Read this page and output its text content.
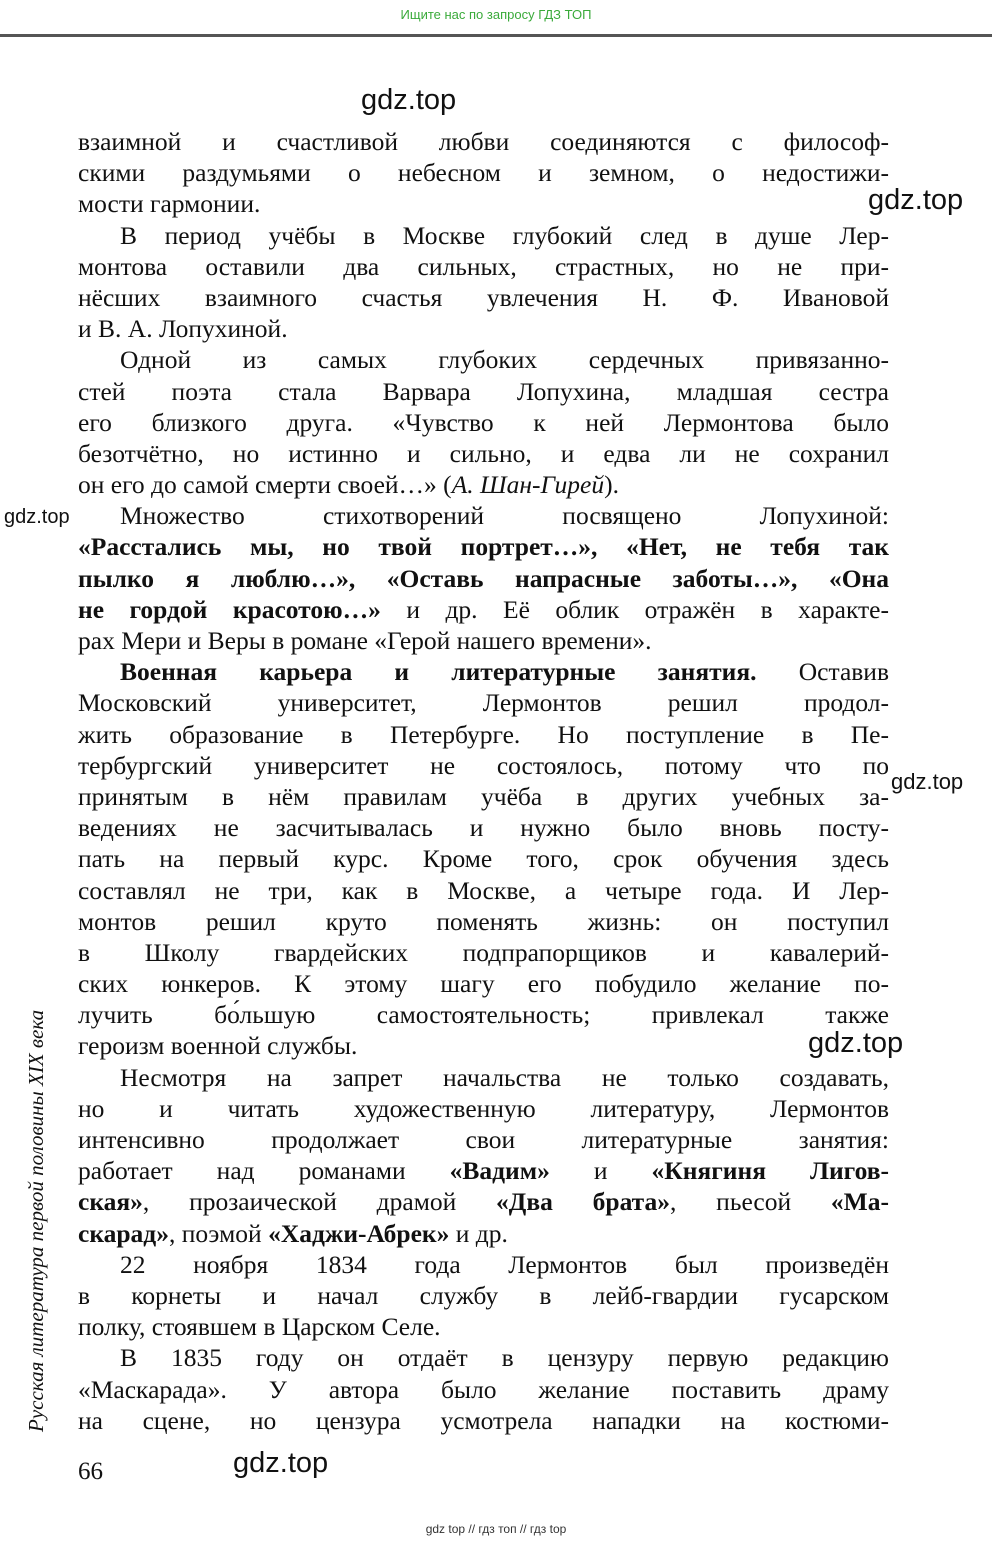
Ищите нас по запросу ГДЗ ТОП
Русская литература первой половины XIX века
взаимной и счастливой любви соединяются с философ-
скими раздумьями о небесном и земном, о недостижи-
мости гармонии.
В период учёбы в Москве глубокий след в душе Лер-
монтова оставили два сильных, страстных, но не при-
нёсших взаимного счастья увлечения Н. Ф. Ивановой
и В. А. Лопухиной.
Одной из самых глубоких сердечных привязанно-
стей поэта стала Варвара Лопухина, младшая сестра
его близкого друга. «Чувство к ней Лермонтова было
безотчётно, но истинно и сильно, и едва ли не сохранил
он его до самой смерти своей…» (А. Шан-Гирей).
Множество стихотворений посвящено Лопухиной:
«Расстались мы, но твой портрет…», «Нет, не тебя так
пылко я люблю…», «Оставь напрасные заботы…», «Она
не гордой красотою…» и др. Её облик отражён в характе-
рах Мери и Веры в романе «Герой нашего времени».
Военная карьера и литературные занятия. Оставив
Московский университет, Лермонтов решил продол-
жить образование в Петербурге. Но поступление в Пе-
тербургский университет не состоялось, потому что по
принятым в нём правилам учёба в других учебных за-
ведениях не засчитывалась и нужно было вновь посту-
пать на первый курс. Кроме того, срок обучения здесь
составлял не три, как в Москве, а четыре года. И Лер-
монтов решил круто поменять жизнь: он поступил
в Школу гвардейских подпрапорщиков и кавалерий-
ских юнкеров. К этому шагу его побудило желание по-
лучить бо́льшую самостоятельность; привлекал также
героизм военной службы.
Несмотря на запрет начальства не только создавать,
но и читать художественную литературу, Лермонтов
интенсивно продолжает свои литературные занятия:
работает над романами «Вадим» и «Княгиня Лигов-
ская», прозаической драмой «Два брата», пьесой «Ма-
скарад», поэмой «Хаджи-Абрек» и др.
22 ноября 1834 года Лермонтов был произведён
в корнеты и начал службу в лейб-гвардии гусарском
полку, стоявшем в Царском Селе.
В 1835 году он отдаёт в цензуру первую редакцию
«Маскарада». У автора было желание поставить драму
на сцене, но цензура усмотрела нападки на костюми-
gdz.top
gdz.top
gdz.top
gdz.top
gdz.top
gdz.top
66
gdz top // гдз топ // гдз top
